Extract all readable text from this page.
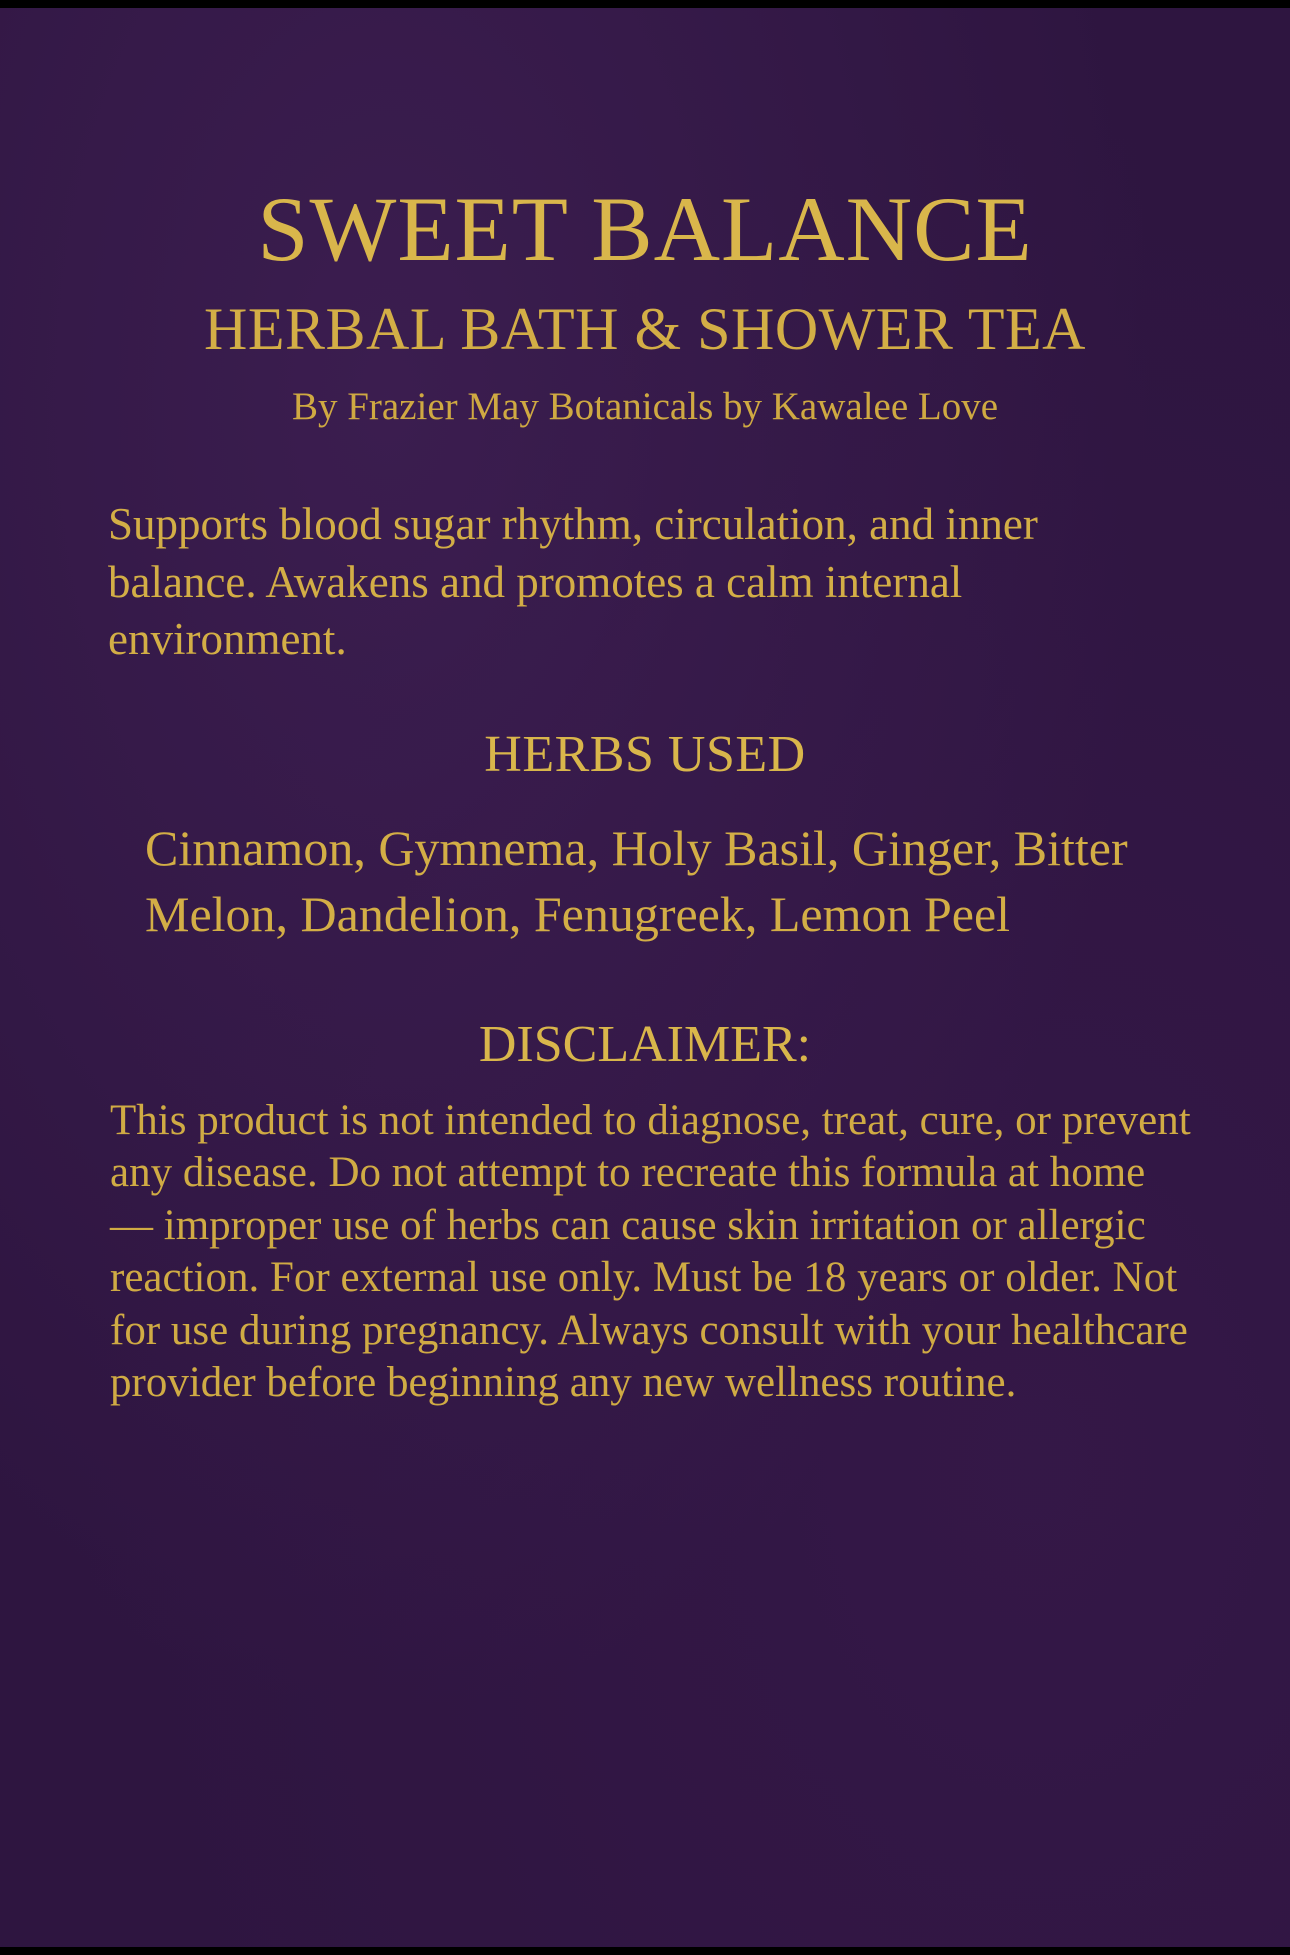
SWEET BALANCE
HERBAL BATH & SHOWER TEA

By Frazier May Botanicals by Kawalee Love

Supports blood sugar rhythm, circulation, and inner balance. Awakens and promotes a calm internal environment.

HERBS USED

Cinnamon, Gymnema, Holy Basil, Ginger, Bitter Melon, Dandelion, Fenugreek, Lemon Peel

DISCLAIMER:

This product is not intended to diagnose, treat, cure, or prevent any disease. Do not attempt to recreate this formula at home — improper use of herbs can cause skin irritation or allergic reaction. For external use only. Must be 18 years or older. Not for use during pregnancy. Always consult with your healthcare provider before beginning any new wellness routine.
